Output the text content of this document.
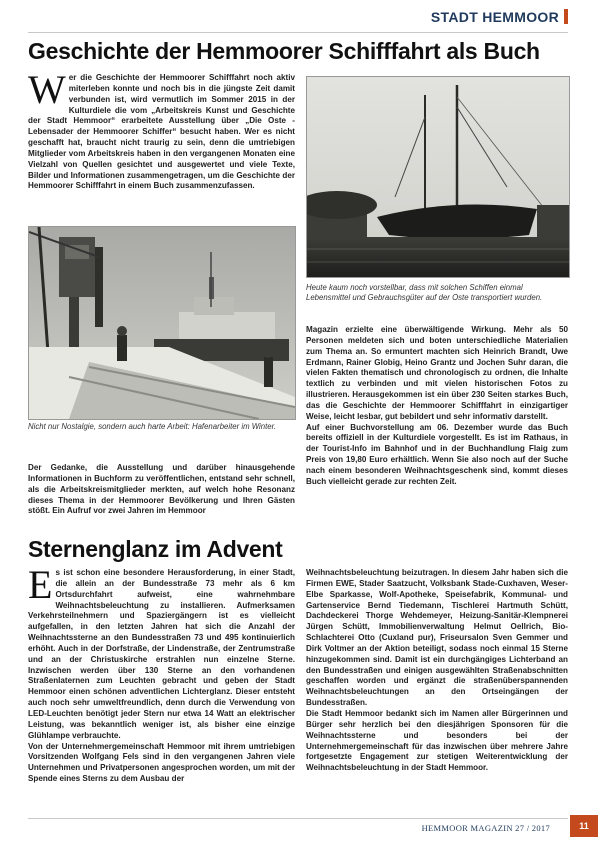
STADT HEMMOOR
Geschichte der Hemmoorer Schifffahrt als Buch
Wer die Geschichte der Hemmoorer Schifffahrt noch aktiv miterleben konnte und noch bis in die jüngste Zeit damit verbunden ist, wird vermutlich im Sommer 2015 in der Kulturdiele die vom „Arbeitskreis Kunst und Geschichte der Stadt Hemmoor“ erarbeitete Ausstellung über „Die Oste - Lebensader der Hemmoorer Schiffer“ besucht haben. Wer es nicht geschafft hat, braucht nicht traurig zu sein, denn die umtriebigen Mitglieder vom Arbeitskreis haben in den vergangenen Monaten eine Vielzahl von Quellen gesichtet und ausgewertet und viele Texte, Bilder und Informationen zusammengetragen, um die Geschichte der Hemmoorer Schifffahrt in einem Buch zusammenzufassen.
Nicht nur Nostalgie, sondern auch harte Arbeit: Hafenarbeiter im Winter.
Der Gedanke, die Ausstellung und darüber hinausgehende Informationen in Buchform zu veröffentlichen, entstand sehr schnell, als die Arbeitskreismitglieder merkten, auf welch hohe Resonanz dieses Thema in der Hemmoorer Bevölkerung und Ihren Gästen stößt. Ein Aufruf vor zwei Jahren im Hemmoor
Heute kaum noch vorstellbar, dass mit solchen Schiffen einmal Lebensmittel und Gebrauchsgüter auf der Oste transportiert wurden.

Magazin erzielte eine überwältigende Wirkung. Mehr als 50 Personen meldeten sich und boten unterschiedliche Materialien zum Thema an. So ermuntert machten sich Heinrich Brandt, Uwe Erdmann, Rainer Globig, Heino Grantz und Jochen Suhr daran, die vielen Fakten thematisch und chronologisch zu ordnen, die Inhalte textlich zu verbinden und mit vielen historischen Fotos zu illustrieren. Herausgekommen ist ein über 230 Seiten starkes Buch, das die Geschichte der Hemmoorer Schifffahrt in einzigartiger Weise, leicht lesbar, gut bebildert und sehr informativ darstellt.

Auf einer Buchvorstellung am 06. Dezember wurde das Buch bereits offiziell in der Kulturdiele vorgestellt. Es ist im Rathaus, in der Tourist-Info im Bahnhof und in der Buchhandlung Flaig zum Preis von 19,80 Euro erhältlich. Wenn Sie also noch auf der Suche nach einem besonderen Weihnachtsgeschenk sind, kommt dieses Buch vielleicht gerade zur rechten Zeit.

Sternenglanz im Advent

Es ist schon eine besondere Herausforderung, in einer Stadt, die allein an der Bundesstraße 73 mehr als 6 km Ortsdurchfahrt aufweist, eine wahrnehmbare Weihnachtsbeleuchtung zu installieren. Aufmerksamen Verkehrsteilnehmern und Spaziergängern ist es vielleicht aufgefallen, in den letzten Jahren hat sich die Anzahl der Weihnachtssterne an den Bundesstraßen 73 und 495 kontinuierlich erhöht. Auch in der Dorfstraße, der Lindenstraße, der Zentrumstraße und an der Christuskirche erstrahlen nun einzelne Sterne. Inzwischen werden über 130 Sterne an den vorhandenen Straßenlaternen zum Leuchten gebracht und geben der Stadt Hemmoor einen schönen adventlichen Lichterglanz. Dieser entsteht auch noch sehr umweltfreundlich, denn durch die Verwendung von LED-Leuchten benötigt jeder Stern nur etwa 14 Watt an elektrischer Leistung, was bekanntlich weniger ist, als bisher eine einzige Glühlampe verbrauchte.

Von der Unternehmergemeinschaft Hemmoor mit ihrem umtriebigen Vorsitzenden Wolfgang Fels sind in den vergangenen Jahren viele Unternehmen und Privatpersonen angesprochen worden, um mit der Spende eines Sterns zu dem Ausbau der

Weihnachtsbeleuchtung beizutragen. In diesem Jahr haben sich die Firmen EWE, Stader Saatzucht, Volksbank Stade-Cuxhaven, Weser-Elbe Sparkasse, Wolf-Apotheke, Speisefabrik, Kommunal- und Gartenservice Bernd Tiedemann, Tischlerei Hartmuth Schütt, Dachdeckerei Thorge Wehdemeyer, Heizung-Sanitär-Klempnerei Jürgen Schütt, Immobilienverwaltung Helmut Oellrich, Bio-Schlachterei Otto (Cuxland pur), Friseursalon Sven Gemmer und Dirk Voltmer an der Aktion beteiligt, sodass noch einmal 15 Sterne hinzugekommen sind. Damit ist ein durchgängiges Lichterband an den Bundesstraßen und einigen ausgewählten Straßenabschnitten geschaffen worden und ergänzt die straßenüberspannenden Weihnachtsbeleuchtungen an den Ortseingängen der Bundesstraßen.

Die Stadt Hemmoor bedankt sich im Namen aller Bürgerinnen und Bürger sehr herzlich bei den diesjährigen Sponsoren für die Weihnachtssterne und besonders bei der Unternehmergemeinschaft für das inzwischen über mehrere Jahre fortgesetzte Engagement zur stetigen Weiterentwicklung der Weihnachtsbeleuchtung in der Stadt Hemmoor.

HEMMOOR MAGAZIN 27 / 2017	11
